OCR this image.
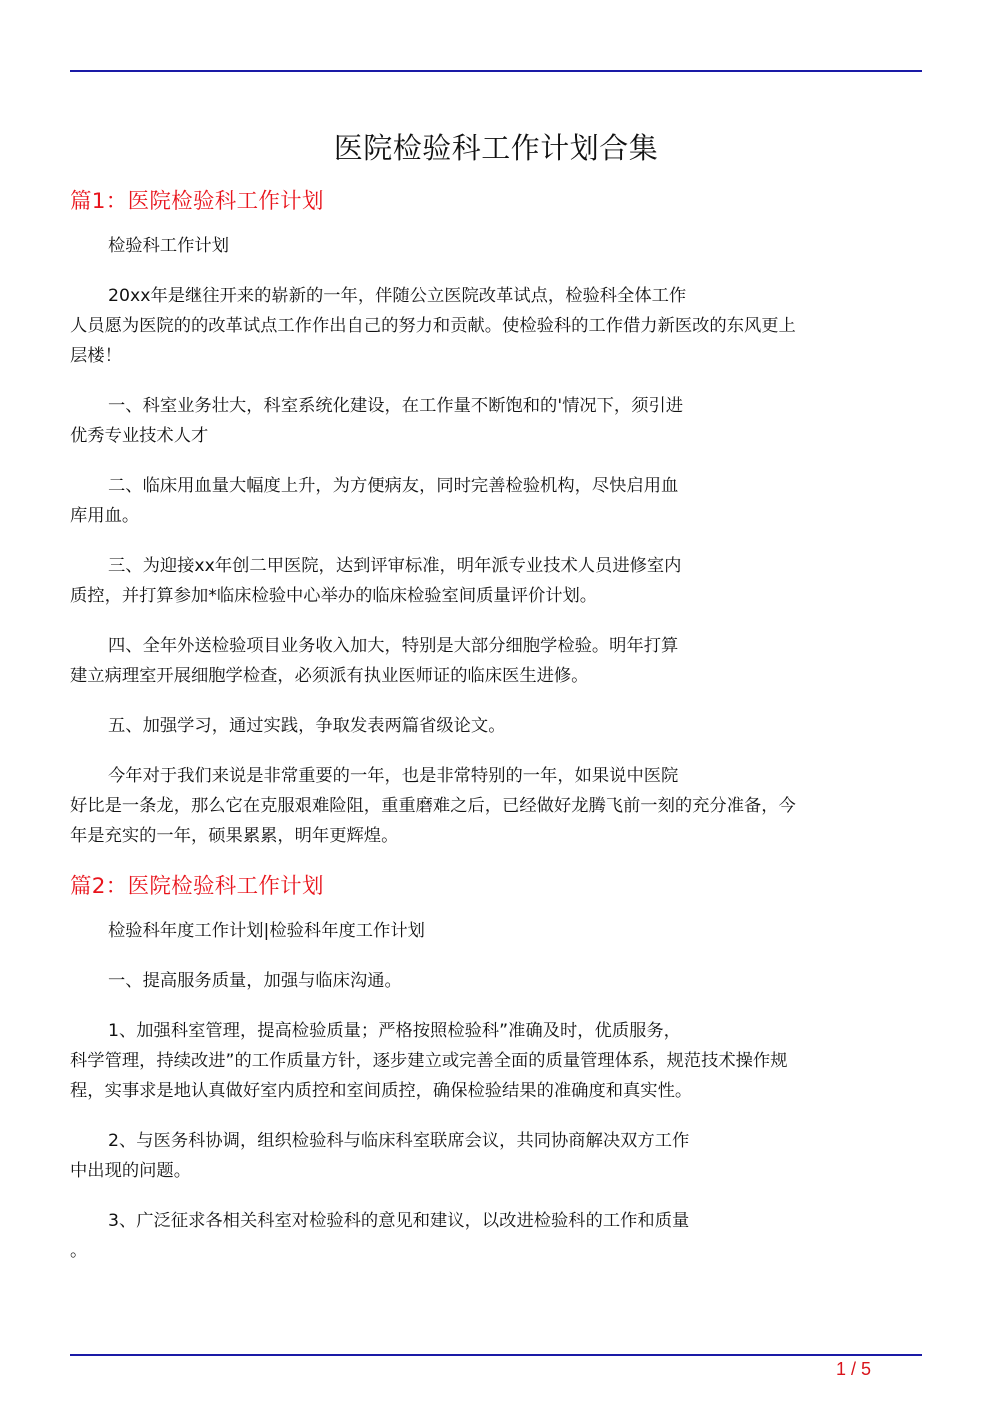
医院检验科工作计划合集
篇1：医院检验科工作计划

检验科工作计划

20xx年是继往开来的崭新的一年，伴随公立医院改革试点，检验科全体工作
人员愿为医院的的改革试点工作作出自己的努力和贡献。使检验科的工作借力新医改的东风更上
层楼！

一、科室业务壮大，科室系统化建设，在工作量不断饱和的'情况下，须引进
优秀专业技术人才

二、临床用血量大幅度上升，为方便病友，同时完善检验机构，尽快启用血
库用血。

三、为迎接xx年创二甲医院，达到评审标准，明年派专业技术人员进修室内
质控，并打算参加*临床检验中心举办的临床检验室间质量评价计划。

四、全年外送检验项目业务收入加大，特别是大部分细胞学检验。明年打算
建立病理室开展细胞学检查，必须派有执业医师证的临床医生进修。

五、加强学习，通过实践，争取发表两篇省级论文。

今年对于我们来说是非常重要的一年，也是非常特别的一年，如果说中医院
好比是一条龙，那么它在克服艰难险阻，重重磨难之后，已经做好龙腾飞前一刻的充分准备，今
年是充实的一年，硕果累累，明年更辉煌。

篇2：医院检验科工作计划

检验科年度工作计划|检验科年度工作计划

一、提高服务质量，加强与临床沟通。

1、加强科室管理，提高检验质量；严格按照检验科”准确及时，优质服务，
科学管理，持续改进”的工作质量方针，逐步建立或完善全面的质量管理体系，规范技术操作规
程，实事求是地认真做好室内质控和室间质控，确保检验结果的准确度和真实性。

2、与医务科协调，组织检验科与临床科室联席会议，共同协商解决双方工作
中出现的问题。

3、广泛征求各相关科室对检验科的意见和建议，以改进检验科的工作和质量
。

1 / 5
